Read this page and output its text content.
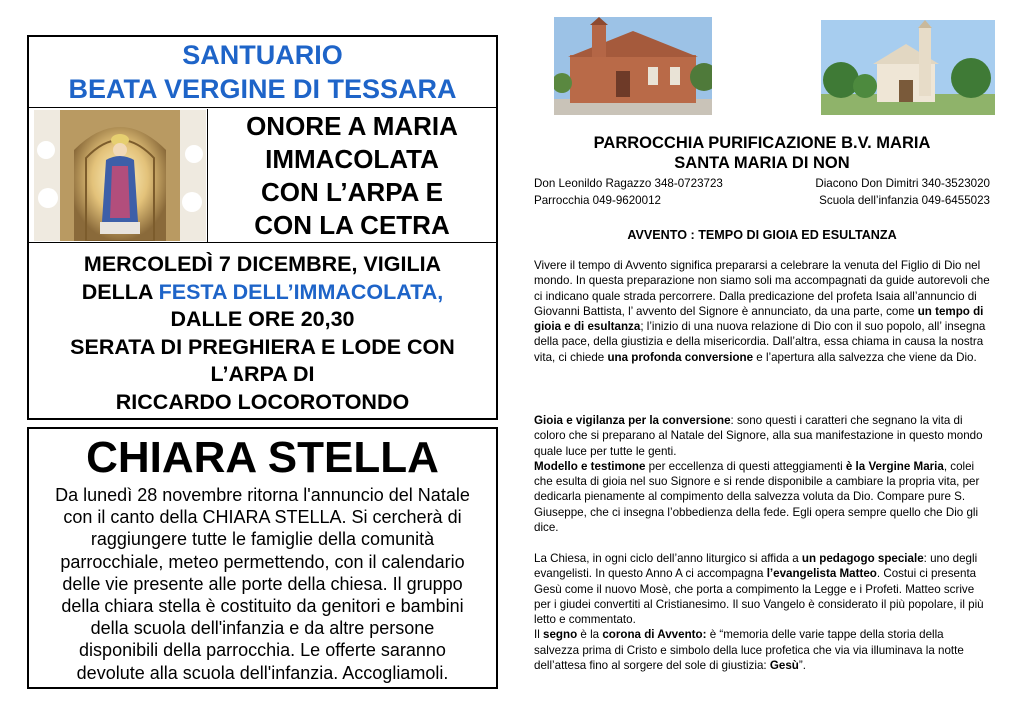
SANTUARIO
BEATA VERGINE DI TESSARA
ONORE A MARIA
IMMACOLATA
CON L’ARPA E
CON LA CETRA
MERCOLEDÌ 7 DICEMBRE, VIGILIA
DELLA FESTA DELL’IMMACOLATA,
DALLE ORE 20,30
SERATA DI PREGHIERA E LODE CON
L’ARPA DI
RICCARDO LOCOROTONDO
CHIARA STELLA
Da lunedì 28 novembre ritorna l'annuncio del Natale
con il canto della CHIARA STELLA. Si cercherà di
raggiungere tutte le famiglie della comunità
parrocchiale, meteo permettendo, con il calendario
delle vie presente alle porte della chiesa. Il gruppo
della chiara stella è costituito da genitori e bambini
della scuola dell'infanzia e da altre persone
disponibili della parrocchia. Le offerte saranno
devolute alla scuola dell'infanzia. Accogliamoli.
PARROCCHIA PURIFICAZIONE B.V. MARIA
SANTA MARIA DI NON
Don Leonildo Ragazzo 348-0723723	Diacono Don Dimitri 340-3523020
Parrocchia 049-9620012	Scuola dell’infanzia 049-6455023
AVVENTO : TEMPO DI GIOIA ED ESULTANZA
Vivere il tempo di Avvento significa prepararsi a celebrare la venuta del Figlio di Dio nel mondo. In questa preparazione non siamo soli ma accompagnati da guide autorevoli che ci indicano quale strada percorrere. Dalla predicazione del profeta Isaia all’annuncio di Giovanni Battista, l’ avvento del Signore è annunciato, da una parte, come un tempo di gioia e di esultanza; l’inizio di una nuova relazione di Dio con il suo popolo, all’ insegna della pace, della giustizia e della misericordia. Dall’altra, essa chiama in causa la nostra vita, ci chiede una profonda conversione e l’apertura alla salvezza che viene da Dio.
Gioia e vigilanza per la conversione: sono questi i caratteri che segnano la vita di coloro che si preparano al Natale del Signore, alla sua manifestazione in questo mondo quale luce per tutte le genti.
Modello e testimone per eccellenza di questi atteggiamenti è la Vergine Maria, colei che esulta di gioia nel suo Signore e si rende disponibile a cambiare la propria vita, per dedicarla pienamente al compimento della salvezza voluta da Dio. Compare pure S. Giuseppe, che ci insegna l’obbedienza della fede. Egli opera sempre quello che Dio gli dice.
La Chiesa, in ogni ciclo dell’anno liturgico si affida a un pedagogo speciale: uno degli evangelisti. In questo Anno A ci accompagna l’evangelista Matteo. Costui ci presenta Gesù come il nuovo Mosè, che porta a compimento la Legge e i Profeti. Matteo scrive per i giudei convertiti al Cristianesimo. Il suo Vangelo è considerato il più popolare, il più letto e commentato.
Il segno è la corona di Avvento: è “memoria delle varie tappe della storia della salvezza prima di Cristo e simbolo della luce profetica che via via illuminava la notte dell’attesa fino al sorgere del sole di giustizia: Gesù”.
